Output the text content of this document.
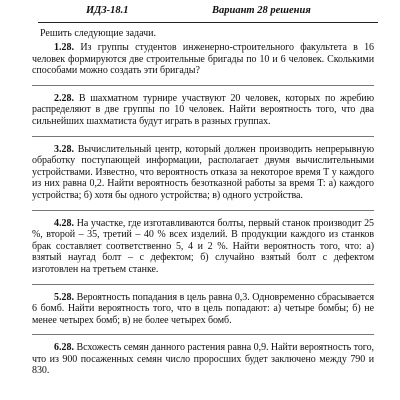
ИДЗ-18.1	Вариант 28 решения
Решить следующие задачи.

1.28. Из группы студентов инженерно-строительного факультета в 16 человек формируются две строительные бригады по 10 и 6 человек. Сколькими способами можно создать эти бригады?

2.28. В шахматном турнире участвуют 20 человек, которых по жребию распределяют в две группы по 10 человек. Найти вероятность того, что два сильнейших шахматиста будут играть в разных группах.

3.28. Вычислительный центр, который должен производить непрерывную обработку поступающей информации, располагает двумя вычислительными устройствами. Известно, что вероятность отказа за некоторое время T у каждого из них равна 0,2. Найти вероятность безотказной работы за время T: а) каждого устройства; б) хотя бы одного устройства; в) одного устройства.

4.28. На участке, где изготавливаются болты, первый станок производит 25 %, второй – 35, третий – 40 % всех изделий. В продукции каждого из станков брак составляет соответственно 5, 4 и 2 %. Найти вероятность того, что: а) взятый наугад болт – с дефектом; б) случайно взятый болт с дефектом изготовлен на третьем станке.

5.28. Вероятность попадания в цель равна 0,3. Одновременно сбрасывается 6 бомб. Найти вероятность того, что в цель попадают: а) четыре бомбы; б) не менее четырех бомб; в) не более четырех бомб.

6.28. Всхожесть семян данного растения равна 0,9. Найти вероятность того, что из 900 посаженных семян число проросших будет заключено между 790 и 830.
